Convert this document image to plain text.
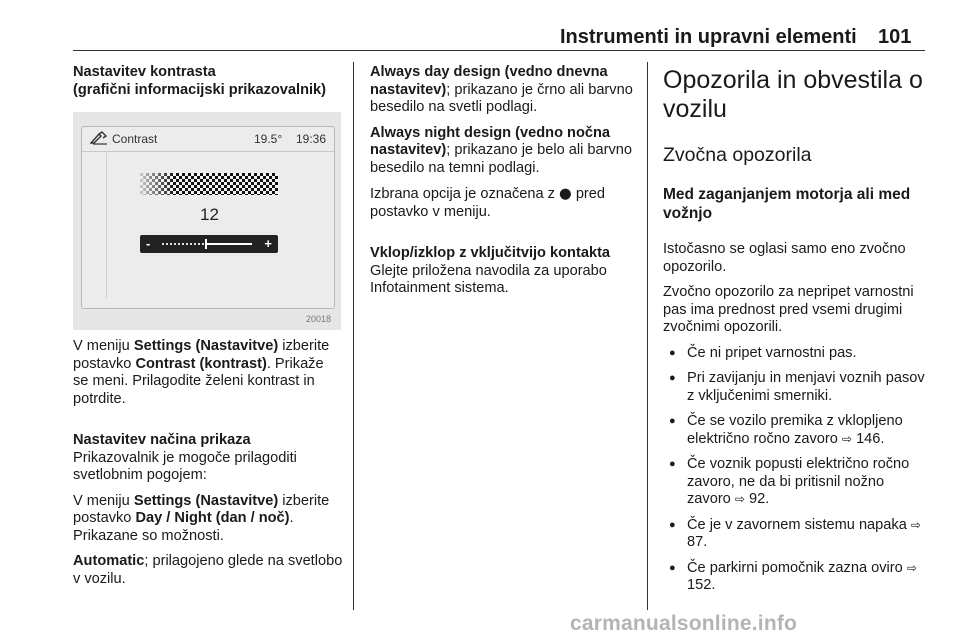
Instrumenti in upravni elementi 101

Nastavitev kontrasta

(grafični informacijski prikazovalnik)

Contrast	19.5° 19:36
12
-	+
20018

V meniju Settings (Nastavitve) izberite postavko Contrast (kontrast). Prikaže se meni. Prilagodite želeni kontrast in potrdite.

Nastavitev načina prikaza

Prikazovalnik je mogoče prilagoditi svetlobnim pogojem:

V meniju Settings (Nastavitve) izberite postavko Day / Night (dan / noč). Prikazane so možnosti.

Automatic; prilagojeno glede na svetlobo v vozilu.

Always day design (vedno dnevna nastavitev); prikazano je črno ali barvno besedilo na svetli podlagi.

Always night design (vedno nočna nastavitev); prikazano je belo ali barvno besedilo na temni podlagi.

Izbrana opcija je označena z ● pred postavko v meniju.

Vklop/izklop z vključitvijo kontakta

Glejte priložena navodila za uporabo Infotainment sistema.

Opozorila in obvestila o vozilu

Zvočna opozorila

Med zaganjanjem motorja ali med vožnjo

Istočasno se oglasi samo eno zvočno opozorilo.

Zvočno opozorilo za nepripet varnostni pas ima prednost pred vsemi drugimi zvočnimi opozorili.

● Če ni pripet varnostni pas.
● Pri zavijanju in menjavi voznih pasov z vključenimi smerniki.
● Če se vozilo premika z vklopljeno električno ročno zavoro ⇨ 146.
● Če voznik popusti električno ročno zavoro, ne da bi pritisnil nožno zavoro ⇨ 92.
● Če je v zavornem sistemu napaka ⇨ 87.
● Če parkirni pomočnik zazna oviro ⇨ 152.
carmanualsonline.info
